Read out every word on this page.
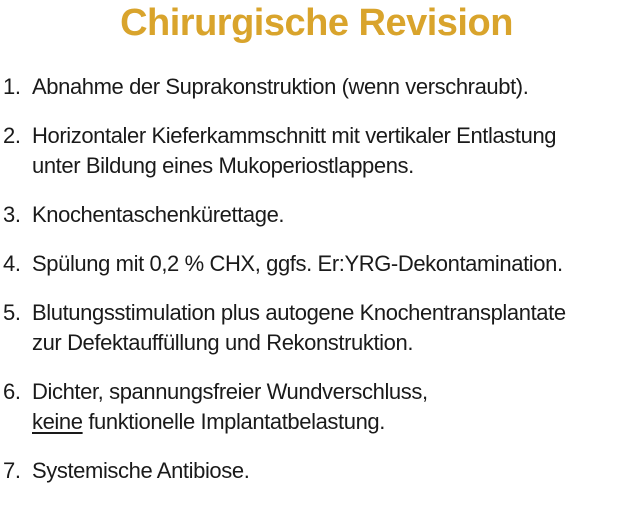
Chirurgische Revision
1. Abnahme der Suprakonstruktion (wenn verschraubt).
2. Horizontaler Kieferkammschnitt mit vertikaler Entlastung
unter Bildung eines Mukoperiostlappens.
3. Knochentaschenkürettage.
4. Spülung mit 0,2 % CHX, ggfs. Er:YRG-Dekontamination.
5. Blutungsstimulation plus autogene Knochentransplantate
zur Defektauffüllung und Rekonstruktion.
6. Dichter, spannungsfreier Wundverschluss,
keine funktionelle Implantatbelastung.
7. Systemische Antibiose.
